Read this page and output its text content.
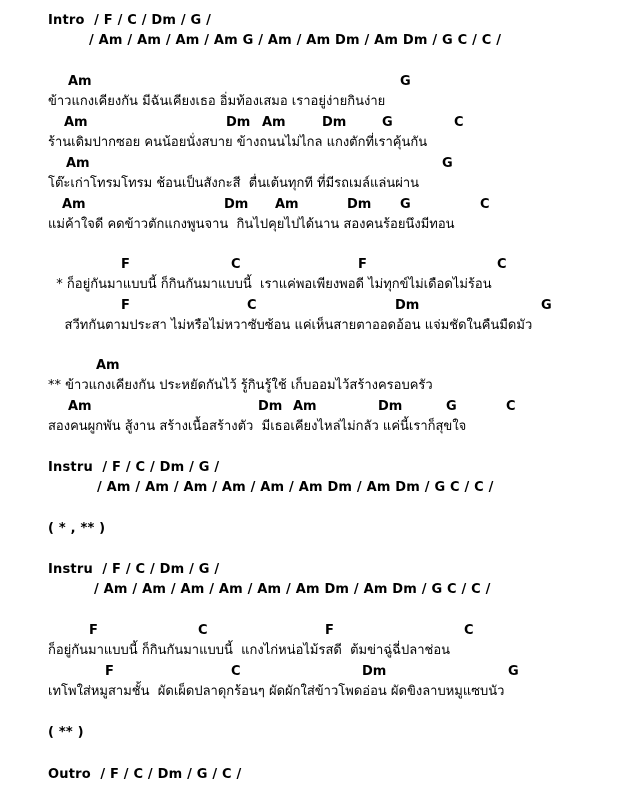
Intro  / F / C / Dm / G /
/ Am / Am / Am / Am G / Am / Am Dm / Am Dm / G C / C /
Am	G
ข้าวแกงเคียงกัน มีฉันเคียงเธอ อิ่มท้องเสมอ เราอยู่ง่ายกินง่าย
Am	Dm Am	Dm	G	C
ร้านเดิมปากซอย คนน้อยนั่งสบาย ข้างถนนไม่ไกล แกงตักที่เราคุ้นกัน
Am	G
โต๊ะเก่าโทรมโทรม ช้อนเป็นสังกะสี  ตื่นเต้นทุกที ที่มีรถเมล์แล่นผ่าน
Am	Dm Am	Dm G	C
แม่ค้าใจดี คดข้าวตักแกงพูนจาน  กินไปคุยไปได้นาน สองคนร้อยนึงมีทอน
F	C	F	C
* ก็อยู่กันมาแบบนี้ ก็กินกันมาแบบนี้  เราแค่พอเพียงพอดี ไม่ทุกข์ไม่เดือดไม่ร้อน
F	C	Dm	G
สวีทกันตามประสา ไม่หรือไม่หวาซับซ้อน แค่เห็นสายตาออดอ้อน แจ่มชัดในคืนมืดมัว
Am
** ข้าวแกงเคียงกัน ประหยัดกันไว้ รู้กินรู้ใช้ เก็บออมไว้สร้างครอบครัว
Am	Dm Am	Dm	G	C
สองคนผูกพัน สู้งาน สร้างเนื้อสร้างตัว  มีเธอเคียงไหล่ไม่กลัว แค่นี้เราก็สุขใจ
Instru  / F / C / Dm / G /
/ Am / Am / Am / Am / Am / Am Dm / Am Dm / G C / C /
( * , ** )
Instru  / F / C / Dm / G /
/ Am / Am / Am / Am / Am / Am Dm / Am Dm / G C / C /
F	C	F	C
ก็อยู่กันมาแบบนี้ ก็กินกันมาแบบนี้  แกงไก่หน่อไม้รสดี  ต้มข่าฉู่ฉี่ปลาช่อน
F	C	Dm	G
เทโพใส่หมูสามชั้น  ผัดเผ็ดปลาดุกร้อนๆ ผัดผักใส่ข้าวโพดอ่อน ผัดขิงลาบหมูแซบนัว
( ** )
Outro  / F / C / Dm / G / C /
